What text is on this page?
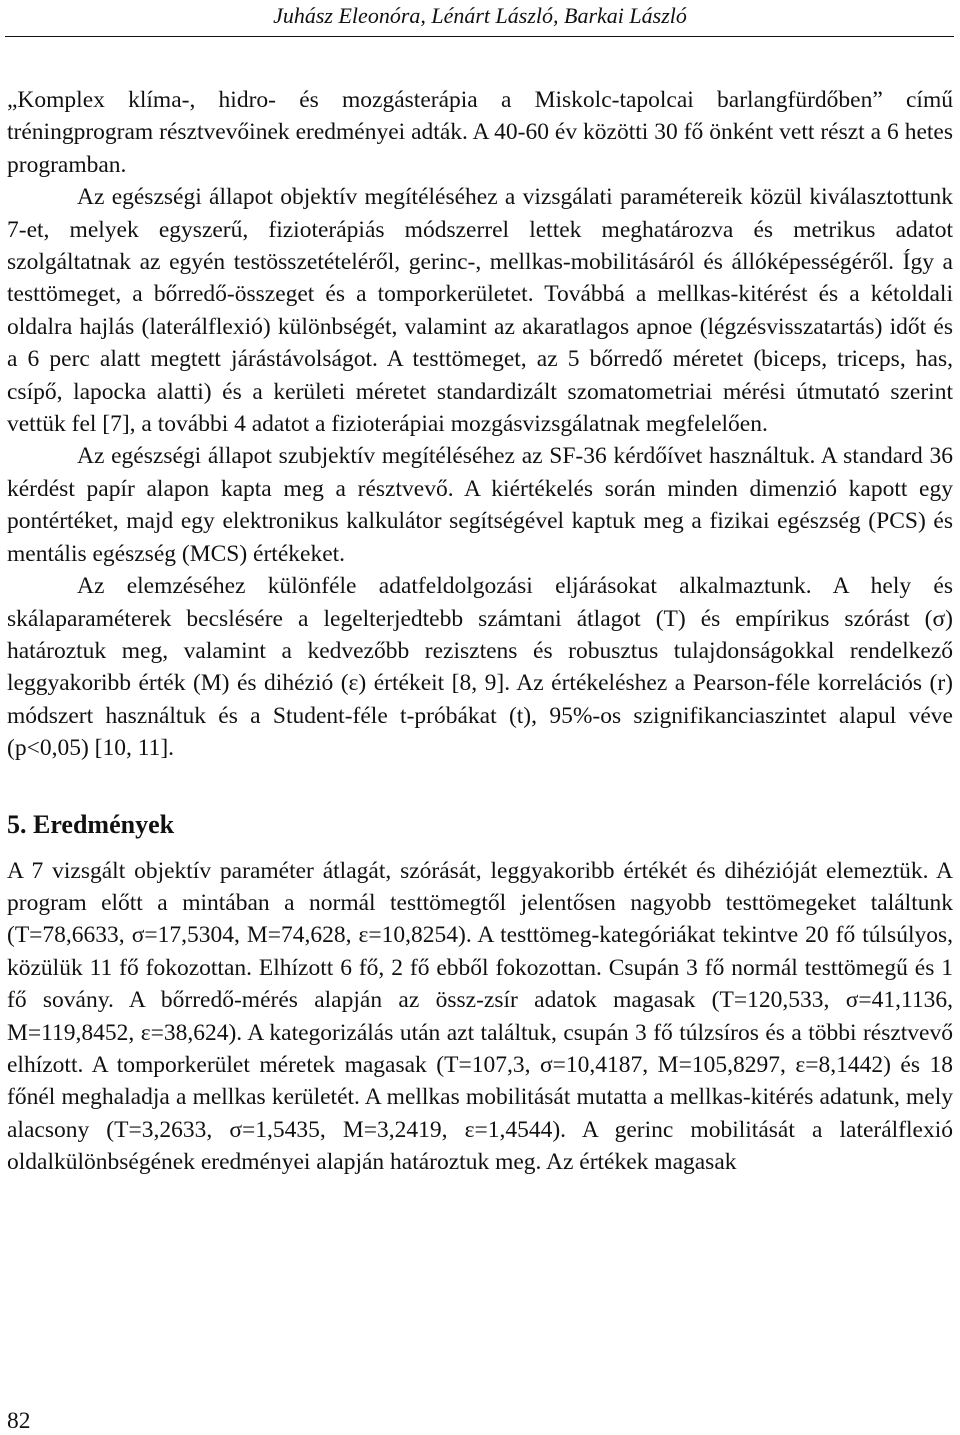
Juhász Eleonóra, Lénárt László, Barkai László

„Komplex klíma-, hidro- és mozgásterápia a Miskolc-tapolcai barlangfürdőben” című tréningprogram résztvevőinek eredményei adták. A 40-60 év közötti 30 fő önként vett részt a 6 hetes programban.

Az egészségi állapot objektív megítéléséhez a vizsgálati paramétereik közül kiválasztottunk 7-et, melyek egyszerű, fizioterápiás módszerrel lettek meghatározva és metrikus adatot szolgáltatnak az egyén testösszetételéről, gerinc-, mellkas-mobilitásáról és állóképességéről. Így a testtömeget, a bőrredő-összeget és a tomporkerületet. Továbbá a mellkas-kitérést és a kétoldali oldalra hajlás (laterálflexió) különbségét, valamint az akaratlagos apnoe (légzésvisszatartás) időt és a 6 perc alatt megtett járástávolságot. A testtömeget, az 5 bőrredő méretet (biceps, triceps, has, csípő, lapocka alatti) és a kerületi méretet standardizált szomatometriai mérési útmutató szerint vettük fel [7], a további 4 adatot a fizioterápiai mozgásvizsgálatnak megfelelően.

Az egészségi állapot szubjektív megítéléséhez az SF-36 kérdőívet használtuk. A standard 36 kérdést papír alapon kapta meg a résztvevő. A kiértékelés során minden dimenzió kapott egy pontértéket, majd egy elektronikus kalkulátor segítségével kaptuk meg a fizikai egészség (PCS) és mentális egészség (MCS) értékeket.

Az elemzéséhez különféle adatfeldolgozási eljárásokat alkalmaztunk. A hely és skálaparaméterek becslésére a legelterjedtebb számtani átlagot (T) és empírikus szórást (σ) határoztuk meg, valamint a kedvezőbb rezisztens és robusztus tulajdonságokkal rendelkező leggyakoribb érték (M) és dihézió (ε) értékeit [8, 9]. Az értékeléshez a Pearson-féle korrelációs (r) módszert használtuk és a Student-féle t-próbákat (t), 95%-os szignifikanciaszintet alapul véve (p<0,05) [10, 11].

5. Eredmények

A 7 vizsgált objektív paraméter átlagát, szórását, leggyakoribb értékét és dihézióját elemeztük. A program előtt a mintában a normál testtömegtől jelentősen nagyobb testtömegeket találtunk (T=78,6633, σ=17,5304, M=74,628, ε=10,8254). A testtömeg-kategóriákat tekintve 20 fő túlsúlyos, közülük 11 fő fokozottan. Elhízott 6 fő, 2 fő ebből fokozottan. Csupán 3 fő normál testtömegű és 1 fő sovány. A bőrredő-mérés alapján az össz-zsír adatok magasak (T=120,533, σ=41,1136, M=119,8452, ε=38,624). A kategorizálás után azt találtuk, csupán 3 fő túlzsíros és a többi résztvevő elhízott. A tomporkerület méretek magasak (T=107,3, σ=10,4187, M=105,8297, ε=8,1442) és 18 főnél meghaladja a mellkas kerületét. A mellkas mobilitását mutatta a mellkas-kitérés adatunk, mely alacsony (T=3,2633, σ=1,5435, M=3,2419, ε=1,4544). A gerinc mobilitását a laterálflexió oldalkülönbségének eredményei alapján határoztuk meg. Az értékek magasak

82
